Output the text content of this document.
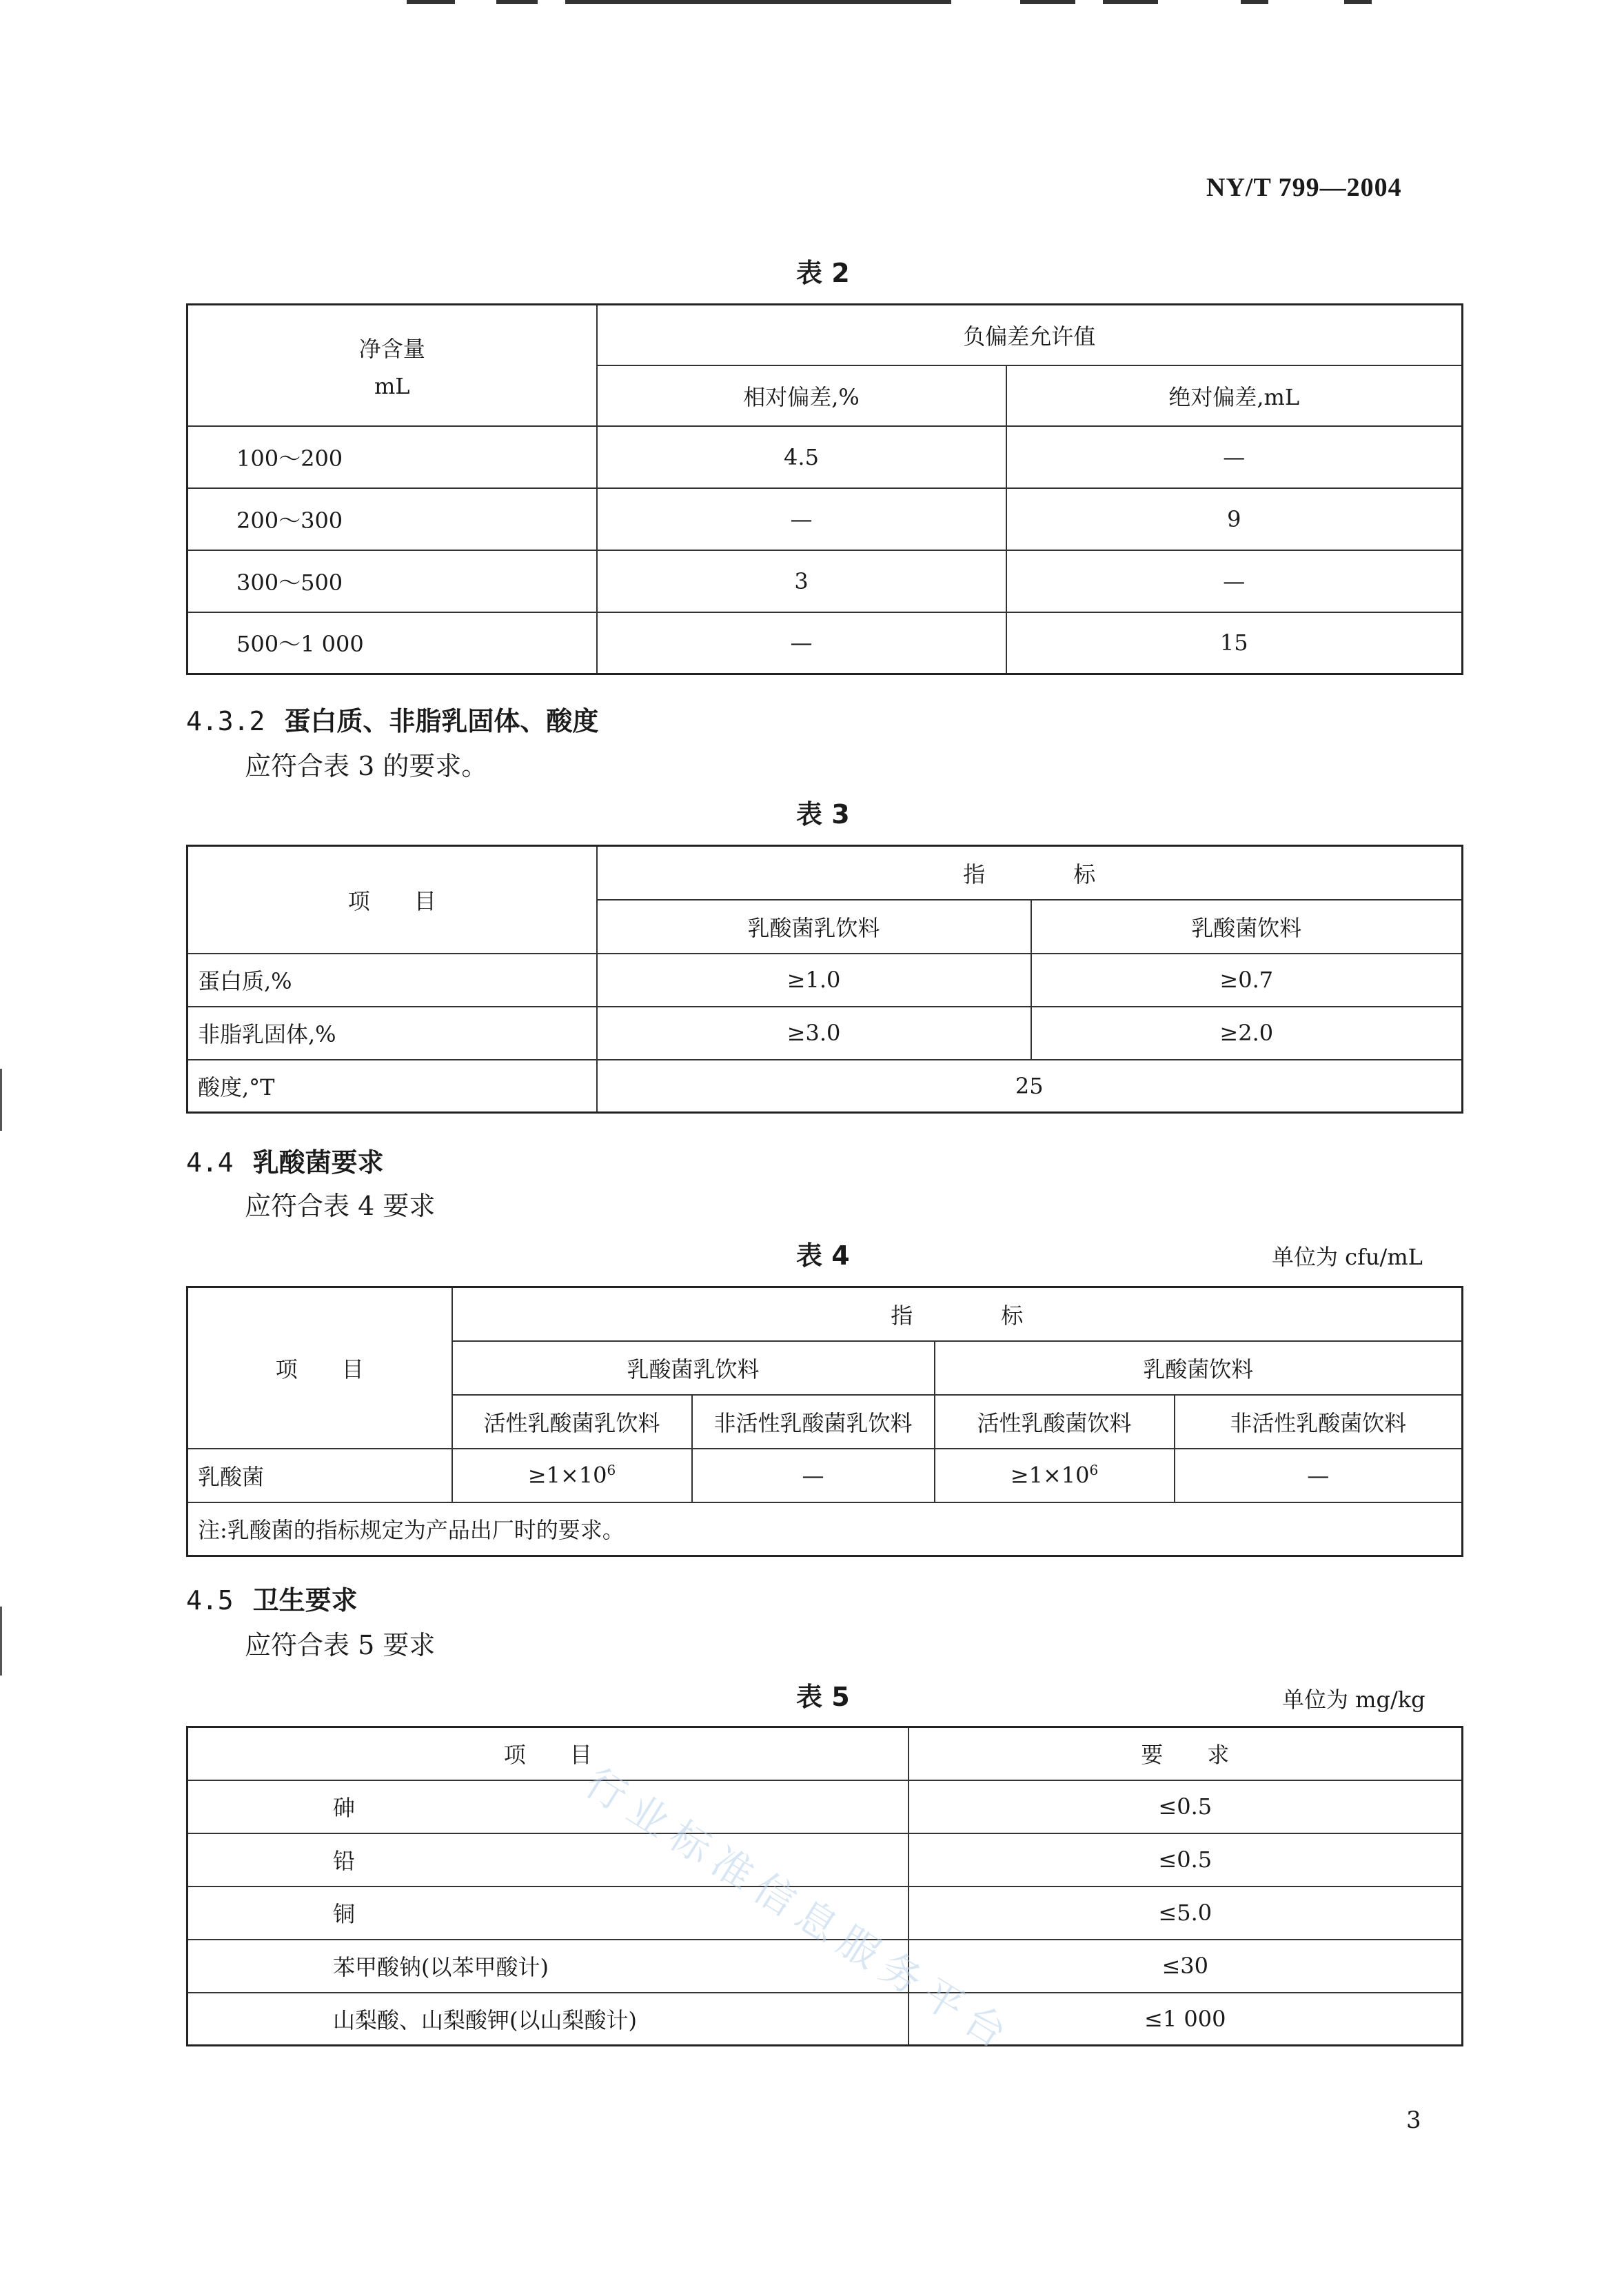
NY/T 799—2004
表 2
净含量
mL	负偏差允许值	
	相对偏差,%	绝对偏差,mL
100～200	4.5	—
200～300	—	9
300～500	3	—
500～1 000	—	15
4.3.2 蛋白质、非脂乳固体、酸度
应符合表 3 的要求。
表 3
项　　目	指　　　　标	
	乳酸菌乳饮料	乳酸菌饮料
蛋白质,%	≥1.0	≥0.7
非脂乳固体,%	≥3.0	≥2.0
酸度,°T	25	
4.4 乳酸菌要求
应符合表 4 要求
表 4	单位为 cfu/mL
项　　目	指　　　　标			
	乳酸菌乳饮料		乳酸菌饮料	
	活性乳酸菌乳饮料	非活性乳酸菌乳饮料	活性乳酸菌饮料	非活性乳酸菌饮料
乳酸菌	$\ge 1\times 10^6$	—	$\ge 1\times 10^6$	—
注:乳酸菌的指标规定为产品出厂时的要求。				
4.5 卫生要求
应符合表 5 要求
表 5	单位为 mg/kg
项　　目	要　　求
砷	≤0.5
铅	≤0.5
铜	≤5.0
苯甲酸钠(以苯甲酸计)	≤30
山梨酸、山梨酸钾(以山梨酸计)	≤1 000
行业标准信息服务平台
3
